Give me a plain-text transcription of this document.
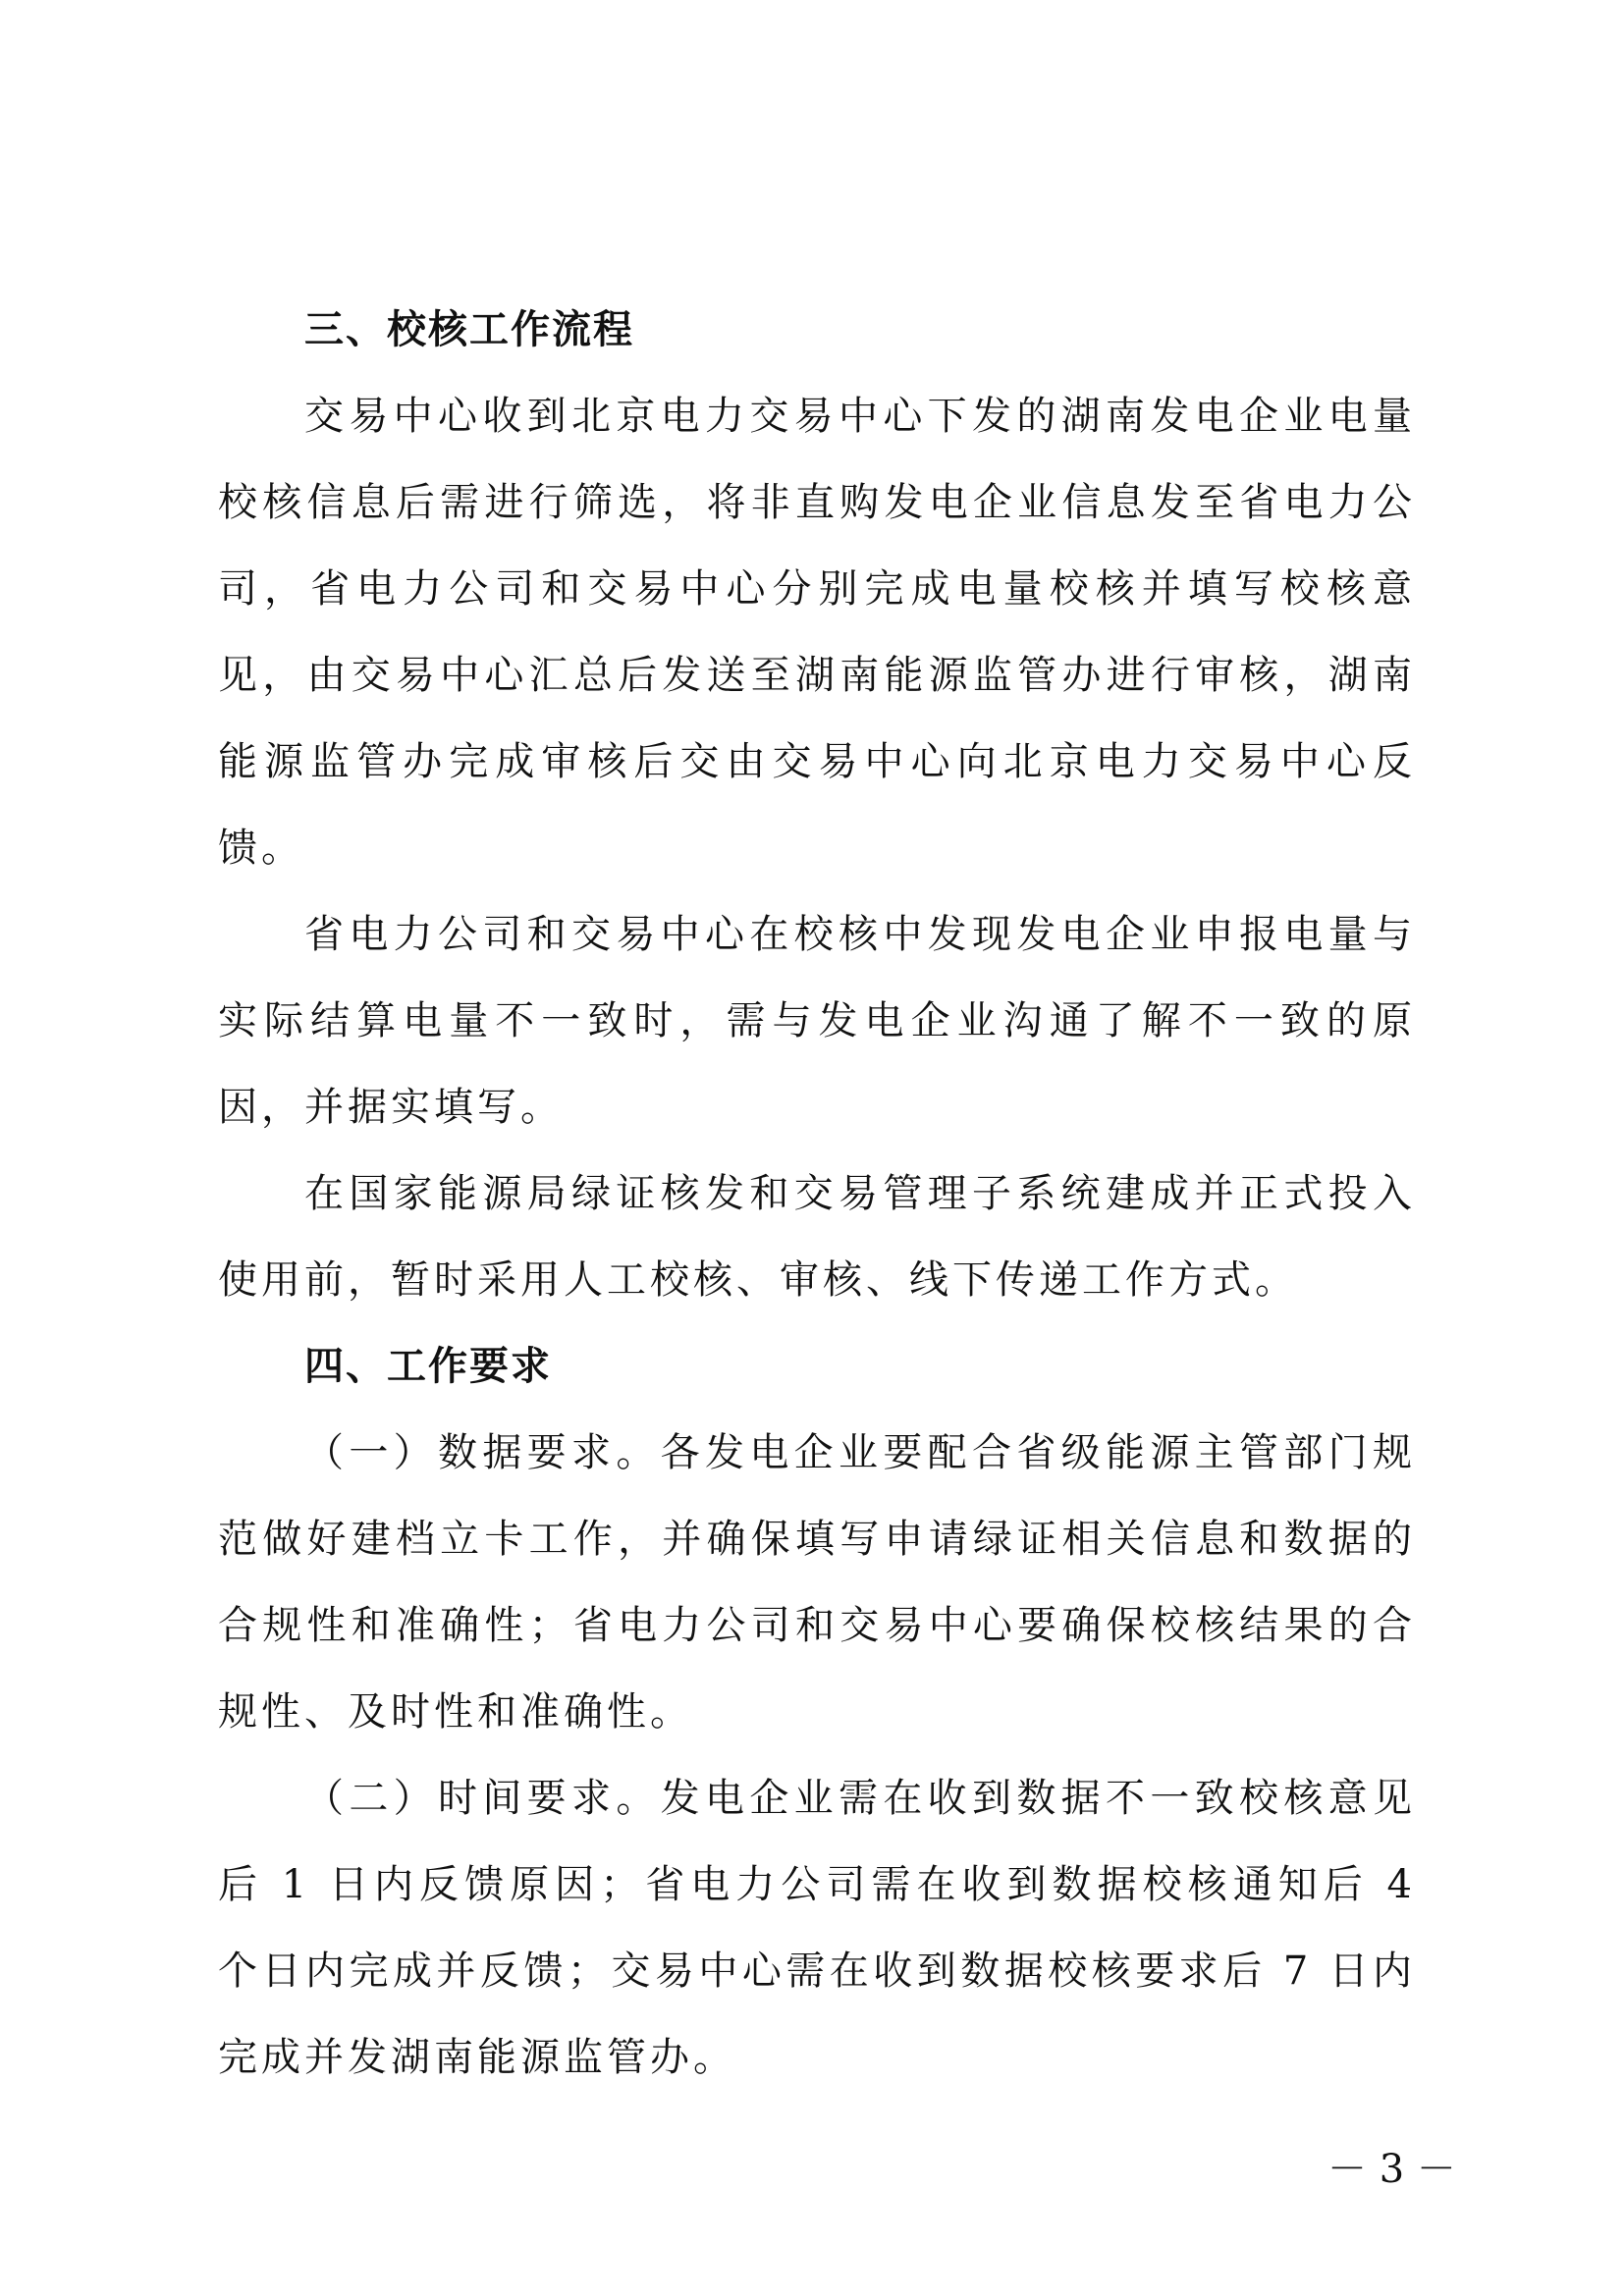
三、校核工作流程

交易中心收到北京电力交易中心下发的湖南发电企业电量校核信息后需进行筛选，将非直购发电企业信息发至省电力公司，省电力公司和交易中心分别完成电量校核并填写校核意见，由交易中心汇总后发送至湖南能源监管办进行审核，湖南能源监管办完成审核后交由交易中心向北京电力交易中心反馈。

省电力公司和交易中心在校核中发现发电企业申报电量与实际结算电量不一致时，需与发电企业沟通了解不一致的原因，并据实填写。

在国家能源局绿证核发和交易管理子系统建成并正式投入使用前，暂时采用人工校核、审核、线下传递工作方式。

四、工作要求

（一）数据要求。各发电企业要配合省级能源主管部门规范做好建档立卡工作，并确保填写申请绿证相关信息和数据的合规性和准确性；省电力公司和交易中心要确保校核结果的合规性、及时性和准确性。

（二）时间要求。发电企业需在收到数据不一致校核意见后 1 日内反馈原因；省电力公司需在收到数据校核通知后 4 个日内完成并反馈；交易中心需在收到数据校核要求后 7 日内完成并发湖南能源监管办。

－ 3 －
